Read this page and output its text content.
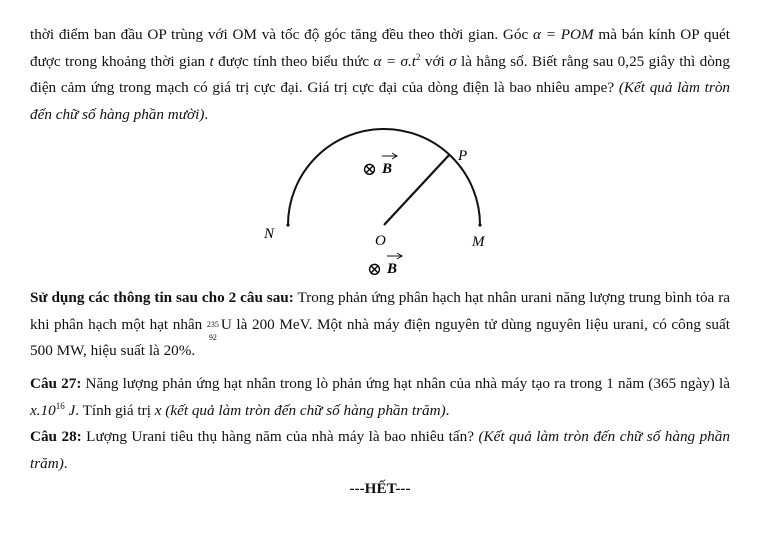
thời điểm ban đầu OP trùng với OM và tốc độ góc tăng đều theo thời gian. Góc α = POM mà bán kính OP quét được trong khoảng thời gian t được tính theo biểu thức $\alpha = \sigma.t^2$ với σ là hằng số. Biết rằng sau 0,25 giây thì dòng điện cảm ứng trong mạch có giá trị cực đại. Giá trị cực đại của dòng điện là bao nhiêu ampe? (Kết quả làm tròn đến chữ số hàng phần mười).

P
N	O	M
⊗ B
⊗ B

Sử dụng các thông tin sau cho 2 câu sau: Trong phản ứng phân hạch hạt nhân urani năng lượng trung bình tỏa ra khi phân hạch một hạt nhân 235
92
U là 200 MeV. Một nhà máy điện nguyên tử dùng nguyên liệu urani, có công suất 500 MW, hiệu suất là 20%.

Câu 27: Năng lượng phản ứng hạt nhân trong lò phản ứng hạt nhân của nhà máy tạo ra trong 1 năm (365 ngày) là $x.10^{16}$ J. Tính giá trị x (kết quả làm tròn đến chữ số hàng phần trăm).

Câu 28: Lượng Urani tiêu thụ hàng năm của nhà máy là bao nhiêu tấn? (Kết quả làm tròn đến chữ số hàng phần trăm).

---HẾT---
